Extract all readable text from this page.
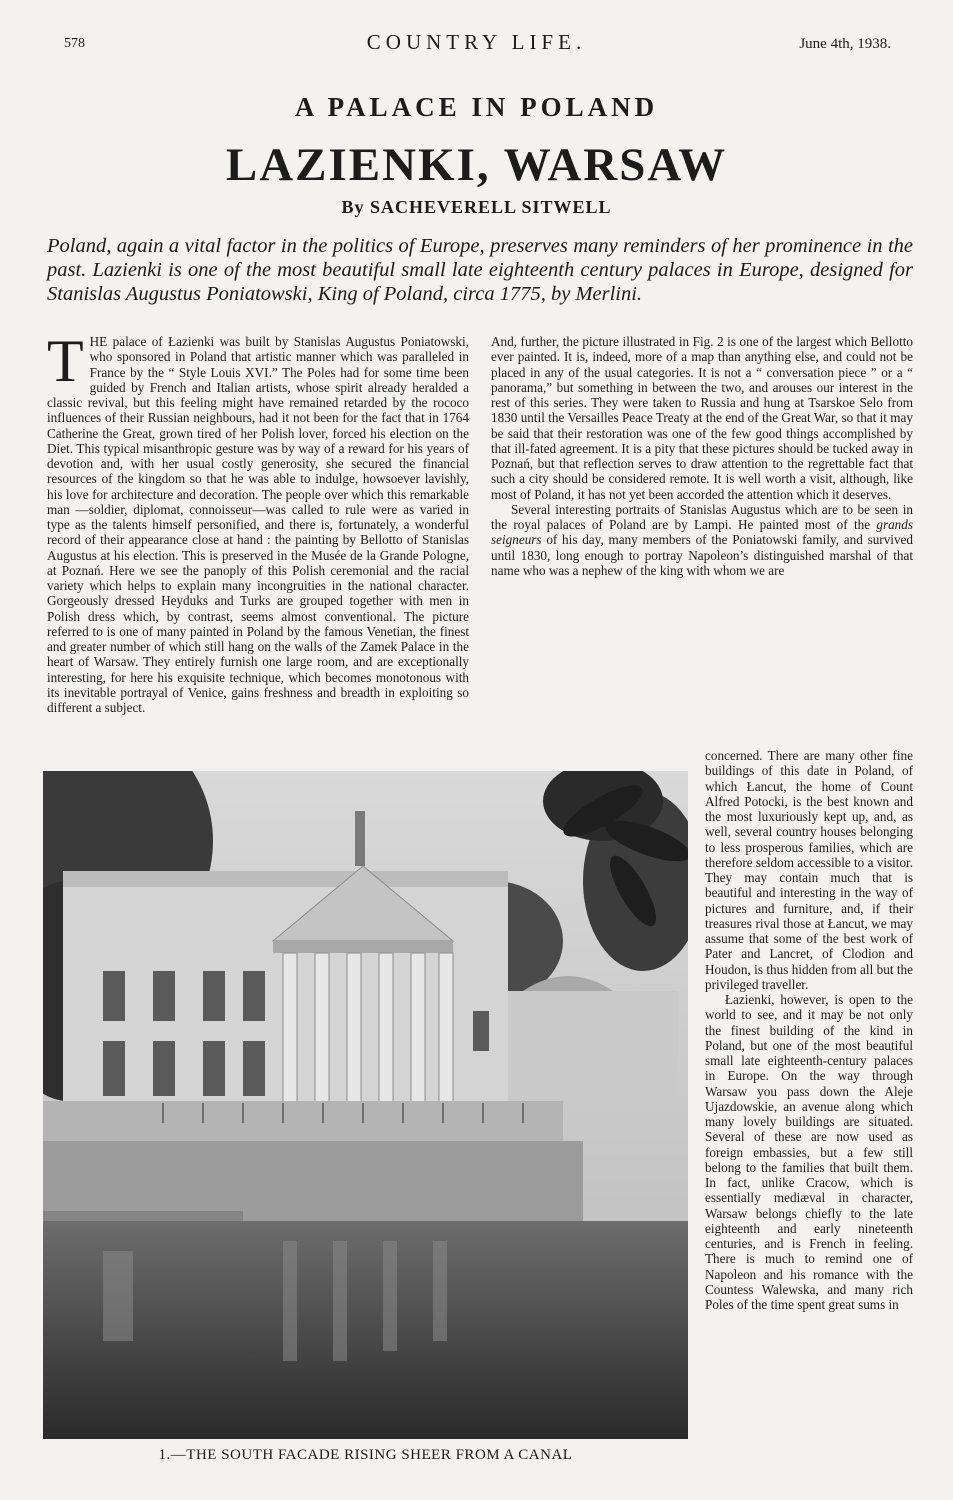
578	COUNTRY LIFE.	June 4th, 1938.
A PALACE IN POLAND
LAZIENKI, WARSAW
By SACHEVERELL SITWELL
Poland, again a vital factor in the politics of Europe, preserves many reminders of her prominence in the past. Lazienki is one of the most beautiful small late eighteenth century palaces in Europe, designed for Stanislas Augustus Poniatowski, King of Poland, circa 1775, by Merlini.

THE palace of Łazienki was built by Stanislas Augustus Poniatowski, who sponsored in Poland that artistic manner which was paralleled in France by the “ Style Louis XVI.” The Poles had for some time been guided by French and Italian artists, whose spirit already heralded a classic revival, but this feeling might have remained retarded by the rococo influences of their Russian neighbours, had it not been for the fact that in 1764 Catherine the Great, grown tired of her Polish lover, forced his election on the Diet. This typical misanthropic gesture was by way of a reward for his years of devotion and, with her usual costly generosity, she secured the financial resources of the kingdom so that he was able to indulge, howsoever lavishly, his love for architecture and decoration. The people over which this remarkable man —soldier, diplomat, connoisseur—was called to rule were as varied in type as the talents himself personified, and there is, fortunately, a wonderful record of their appearance close at hand : the painting by Bellotto of Stanislas Augustus at his election. This is preserved in the Musée de la Grande Pologne, at Poznań. Here we see the panoply of this Polish ceremonial and the racial variety which helps to explain many incongruities in the national character. Gorgeously dressed Heyduks and Turks are grouped together with men in Polish dress which, by contrast, seems almost conventional. The picture referred to is one of many painted in Poland by the famous Venetian, the finest and greater number of which still hang on the walls of the Zamek Palace in the heart of Warsaw. They entirely furnish one large room, and are exceptionally interesting, for here his exquisite technique, which becomes monotonous with its inevitable portrayal of Venice, gains freshness and breadth in exploiting so different a subject.

And, further, the picture illustrated in Fig. 2 is one of the largest which Bellotto ever painted. It is, indeed, more of a map than anything else, and could not be placed in any of the usual categories. It is not a “ conversation piece ” or a “ panorama,” but something in between the two, and arouses our interest in the rest of this series. They were taken to Russia and hung at Tsarskoe Selo from 1830 until the Versailles Peace Treaty at the end of the Great War, so that it may be said that their restoration was one of the few good things accomplished by that ill-fated agreement. It is a pity that these pictures should be tucked away in Poznań, but that reflection serves to draw attention to the regrettable fact that such a city should be considered remote. It is well worth a visit, although, like most of Poland, it has not yet been accorded the attention which it deserves.

Several interesting portraits of Stanislas Augustus which are to be seen in the royal palaces of Poland are by Lampi. He painted most of the grands seigneurs of his day, many members of the Poniatowski family, and survived until 1830, long enough to portray Napoleon’s distinguished marshal of that name who was a nephew of the king with whom we are

concerned. There are many other fine buildings of this date in Poland, of which Łancut, the home of Count Alfred Potocki, is the best known and the most luxuriously kept up, and, as well, several country houses belonging to less prosperous families, which are therefore seldom accessible to a visitor. They may contain much that is beautiful and interesting in the way of pictures and furniture, and, if their treasures rival those at Łancut, we may assume that some of the best work of Pater and Lancret, of Clodion and Houdon, is thus hidden from all but the privileged traveller.

Łazienki, however, is open to the world to see, and it may be not only the finest building of the kind in Poland, but one of the most beautiful small late eighteenth-century palaces in Europe. On the way through Warsaw you pass down the Aleje Ujazdowskie, an avenue along which many lovely buildings are situated. Several of these are now used as foreign embassies, but a few still belong to the families that built them. In fact, unlike Cracow, which is essentially mediæval in character, Warsaw belongs chiefly to the late eighteenth and early nineteenth centuries, and is French in feeling. There is much to remind one of Napoleon and his romance with the Countess Walewska, and many rich Poles of the time spent great sums in

1.—THE SOUTH FACADE RISING SHEER FROM A CANAL
